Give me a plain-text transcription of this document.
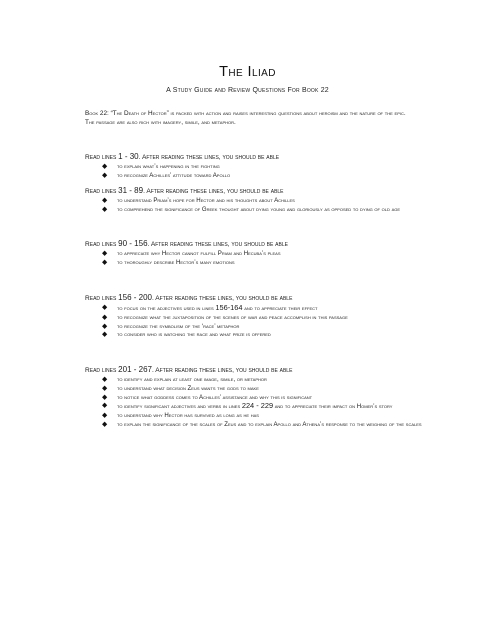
The Iliad
A Study Guide and Review Questions For Book 22
Book 22: “The Death of Hector” is packed with action and raises interesting questions about heroism and the nature of the epic. The passage are also rich with imagery, simile, and metaphor.
Read lines 1 - 30. After reading these lines, you should be able
◆ to explain what’s happening in the fighting
◆ to recognize Achilles’ attitude toward Apollo
Read lines 31 - 89. After reading these lines, you should be able
◆ to understand Priam’s hope for Hector and his thoughts about Achilles
◆ to comprehend the significance of Greek thought about dying young and gloriously as opposed to dying of old age
Read lines 90 - 156. After reading these lines, you should be able
◆ to appreciate why Hector cannot fulfill Priam and Hecuba’s pleas
◆ to thoroughly describe Hector’s many emotions
Read lines 156 - 200. After reading these lines, you should be able
◆ to focus on the adjectives used in lines 156-164 and to appreciate their effect
◆ to recognize what the juxtaposition of the scenes of war and peace accomplish in this passage
◆ to recognize the symbolism of the ‘race’ metaphor
◆ to consider who is watching the race and what prize is offered
Read lines 201 - 267. After reading these lines, you should be able
◆ to identify and explain at least one image, simile, or metaphor
◆ to understand what decision Zeus wants the gods to make
◆ to notice what goddess comes to Achilles’ assistance and why this is significant
◆ to identify significant adjectives and verbs in lines 224 - 229 and to appreciate their impact on Homer’s story
◆ to understand why Hector has survived as long as he has
◆ to explain the significance of the scales of Zeus and to explain Apollo and Athena’s response to the weighing of the scales
